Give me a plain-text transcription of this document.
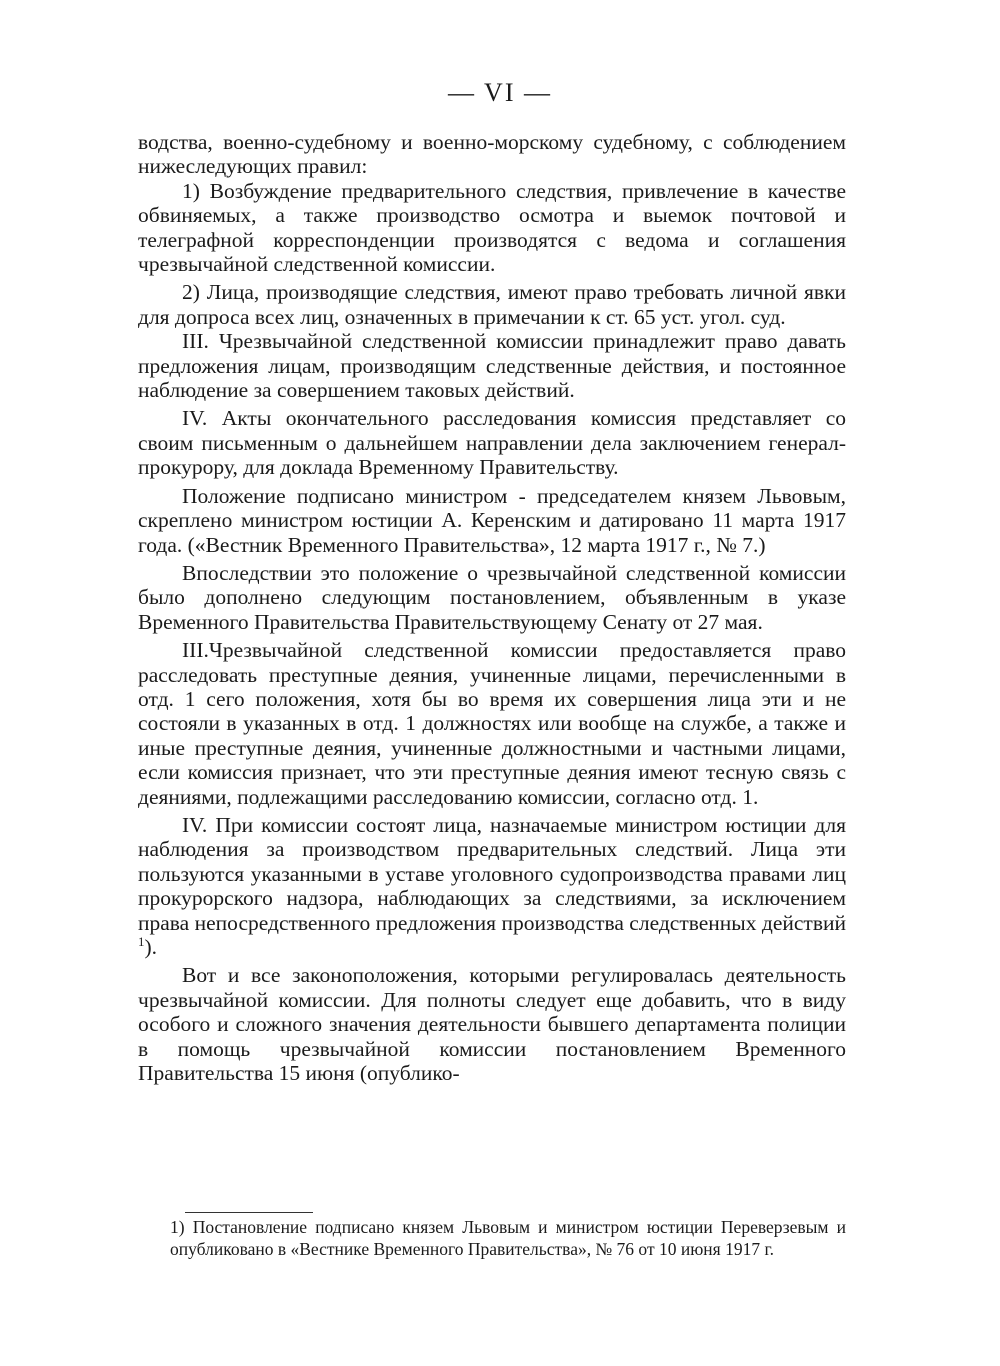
— VI —

водства, военно-судебному и военно-морскому судебному, с соблюдением нижеследующих правил:

1) Возбуждение предварительного следствия, привлечение в качестве обвиняемых, а также производство осмотра и выемок почтовой и телеграфной корреспонденции производятся с ведома и соглашения чрезвычайной следственной комиссии.

2) Лица, производящие следствия, имеют право требовать личной явки для допроса всех лиц, означенных в примечании к ст. 65 уст. угол. суд.

III. Чрезвычайной следственной комиссии принадлежит право давать предложения лицам, производящим следственные действия, и постоянное наблюдение за совершением таковых действий.

IV. Акты окончательного расследования комиссия представляет со своим письменным о дальнейшем направлении дела заключением генерал-прокурору, для доклада Временному Правительству.

Положение подписано министром - председателем князем Львовым, скреплено министром юстиции А. Керенским и датировано 11 марта 1917 года. («Вестник Временного Правительства», 12 марта 1917 г., № 7.)

Впоследствии это положение о чрезвычайной следственной комиссии было дополнено следующим постановлением, объявленным в указе Временного Правительства Правительствующему Сенату от 27 мая.

III.Чрезвычайной следственной комиссии предоставляется право расследовать преступные деяния, учиненные лицами, перечисленными в отд. 1 сего положения, хотя бы во время их совершения лица эти и не состояли в указанных в отд. 1 должностях или вообще на службе, а также и иные преступные деяния, учиненные должностными и частными лицами, если комиссия признает, что эти преступные деяния имеют тесную связь с деяниями, подлежащими расследованию комиссии, согласно отд. 1.

IV. При комиссии состоят лица, назначаемые министром юстиции для наблюдения за производством предварительных следствий. Лица эти пользуются указанными в уставе уголовного судопроизводства правами лиц прокурорского надзора, наблюдающих за следствиями, за исключением права непосредственного предложения производства следственных действий $^1$).

Вот и все законоположения, которыми регулировалась деятельность чрезвычайной комиссии. Для полноты следует еще добавить, что в виду особого и сложного значения деятельности бывшего департамента полиции в помощь чрезвычайной комиссии постановлением Временного Правительства 15 июня (опублико-

1) Постановление подписано князем Львовым и министром юстиции Переверзевым и опубликовано в «Вестнике Временного Правительства», № 76 от 10 июня 1917 г.
